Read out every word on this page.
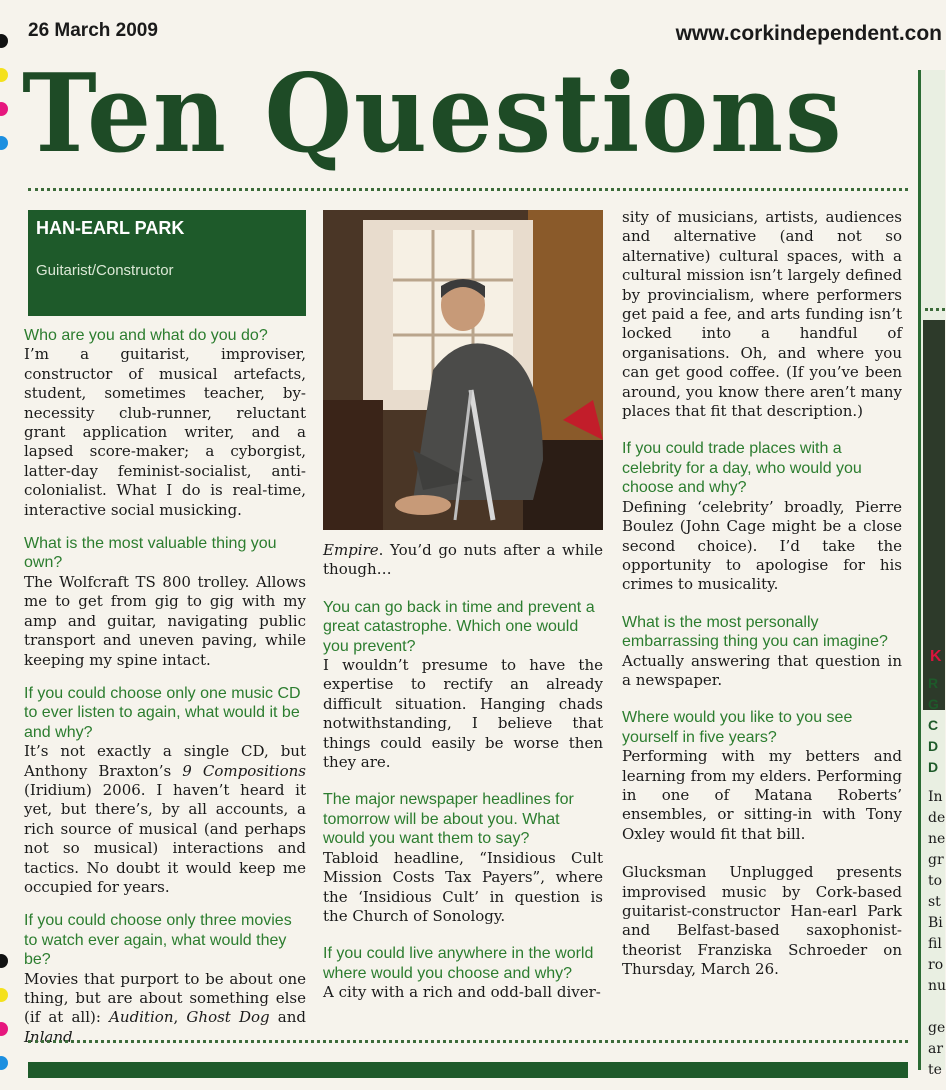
26 March 2009	www.corkindependent.con
Ten Questions
HAN-EARL PARK
Guitarist/Constructor
Who are you and what do you do?

I’m a guitarist, improviser, constructor of musical artefacts, student, sometimes teacher, by-necessity club-runner, reluctant grant application writer, and a lapsed score-maker; a cyborgist, latter-day feminist-socialist, anti-colonialist. What I do is real-time, interactive social musicking.

What is the most valuable thing you own?

The Wolfcraft TS 800 trolley. Allows me to get from gig to gig with my amp and guitar, navigating public transport and uneven paving, while keeping my spine intact.

If you could choose only one music CD to ever listen to again, what would it be and why?

It’s not exactly a single CD, but Anthony Braxton’s 9 Compositions (Iridium) 2006. I haven’t heard it yet, but there’s, by all accounts, a rich source of musical (and perhaps not so musical) interactions and tactics. No doubt it would keep me occupied for years.

If you could choose only three movies to watch ever again, what would they be?

Movies that purport to be about one thing, but are about something else (if at all): Audition, Ghost Dog and Inland

Empire. You’d go nuts after a while though…

You can go back in time and prevent a great catastrophe. Which one would you prevent?

I wouldn’t presume to have the expertise to rectify an already difficult situation. Hanging chads notwithstanding, I believe that things could easily be worse then they are.

The major newspaper headlines for tomorrow will be about you. What would you want them to say?

Tabloid headline, “Insidious Cult Mission Costs Tax Payers”, where the ‘Insidious Cult’ in question is the Church of Sonology.

If you could live anywhere in the world where would you choose and why?

A city with a rich and odd-ball diver-

sity of musicians, artists, audiences and alternative (and not so alternative) cultural spaces, with a cultural mission isn’t largely defined by provincialism, where performers get paid a fee, and arts funding isn’t locked into a handful of organisations. Oh, and where you can get good coffee. (If you’ve been around, you know there aren’t many places that fit that description.)

If you could trade places with a celebrity for a day, who would you choose and why?

Defining ‘celebrity’ broadly, Pierre Boulez (John Cage might be a close second choice). I’d take the opportunity to apologise for his crimes to musicality.

What is the most personally embarrassing thing you can imagine?

Actually answering that question in a newspaper.

Where would you like to you see yourself in five years?

Performing with my betters and learning from my elders. Performing in one of Matana Roberts’ ensembles, or sitting-in with Tony Oxley would fit that bill.

Glucksman Unplugged presents improvised music by Cork-based guitarist-constructor Han-earl Park and Belfast-based saxophonist-theorist Franziska Schroeder on Thursday, March 26.

K
R
G
C
D
D
In
de
ne
gr
to
st
Bi
fil
ro
nu

ge
ar
te
